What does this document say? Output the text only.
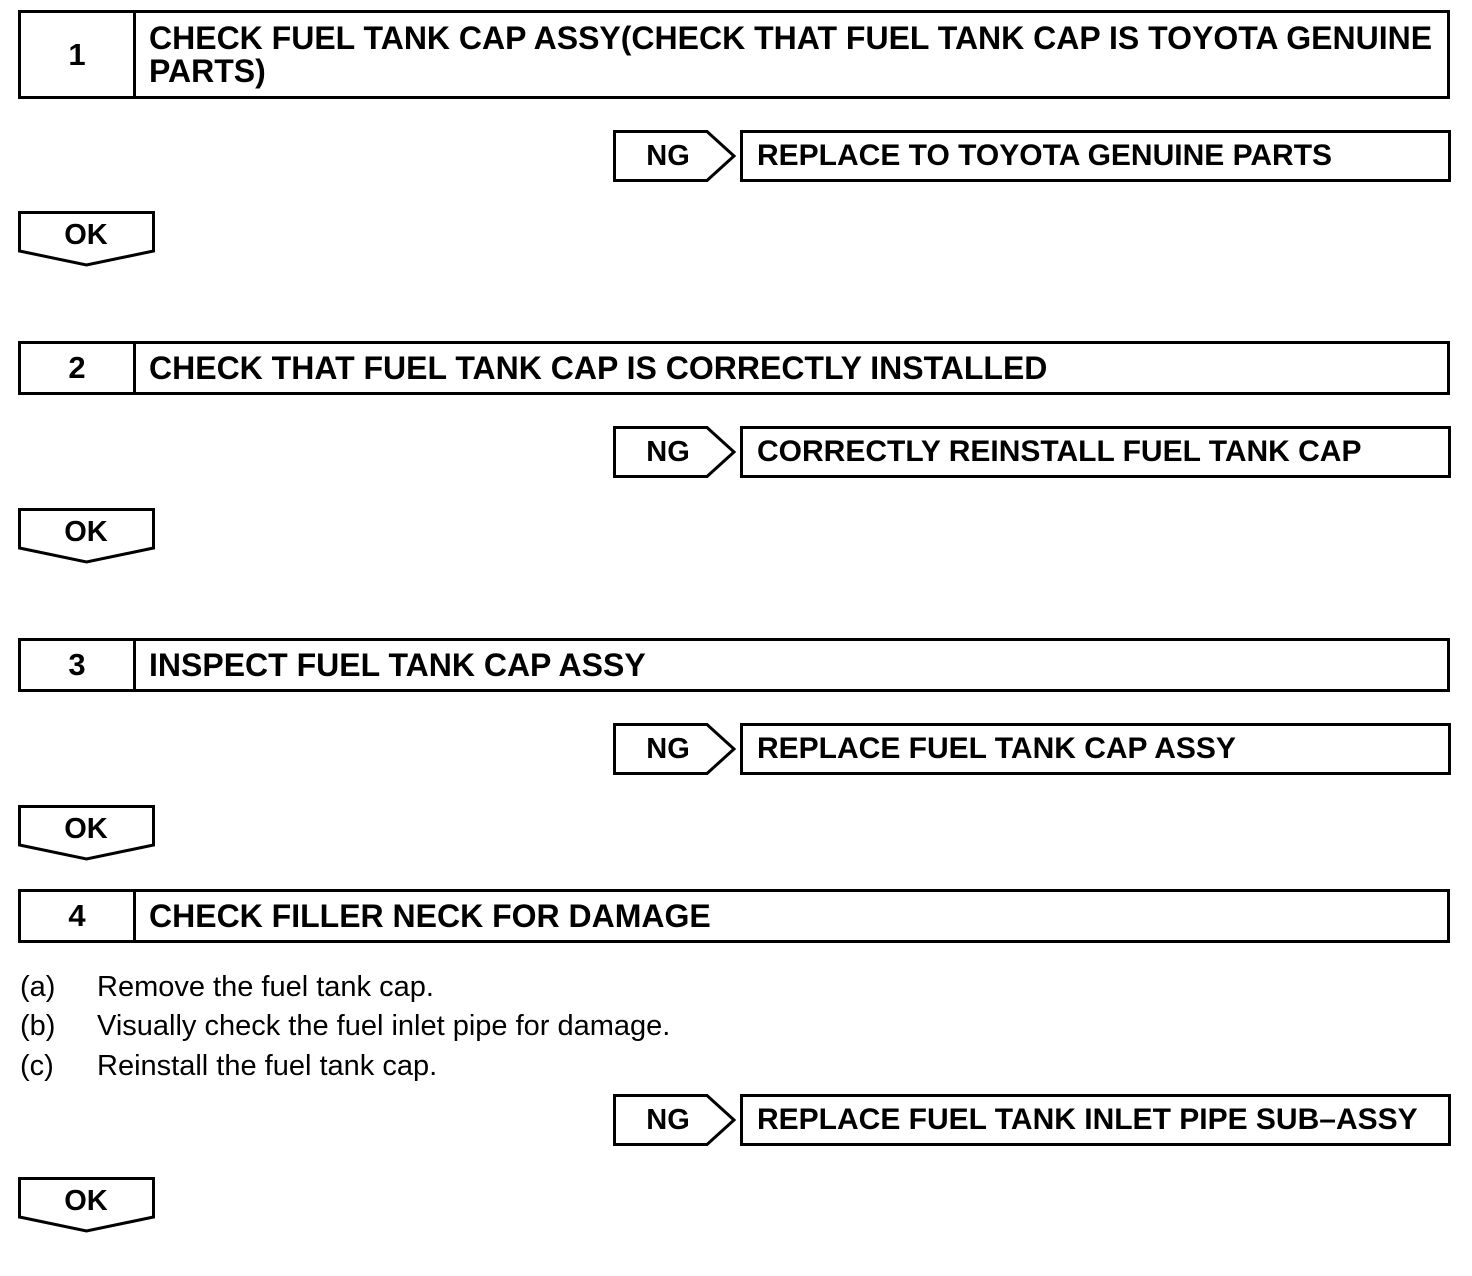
1	CHECK FUEL TANK CAP ASSY(CHECK THAT FUEL TANK CAP IS TOYOTA GENUINE PARTS)
NG	REPLACE TO TOYOTA GENUINE PARTS
OK
2	CHECK THAT FUEL TANK CAP IS CORRECTLY INSTALLED
NG	CORRECTLY REINSTALL FUEL TANK CAP
OK
3	INSPECT FUEL TANK CAP ASSY
NG	REPLACE FUEL TANK CAP ASSY
OK
4	CHECK FILLER NECK FOR DAMAGE
(a)	Remove the fuel tank cap.
(b)	Visually check the fuel inlet pipe for damage.
(c)	Reinstall the fuel tank cap.
NG	REPLACE FUEL TANK INLET PIPE SUB–ASSY
OK
